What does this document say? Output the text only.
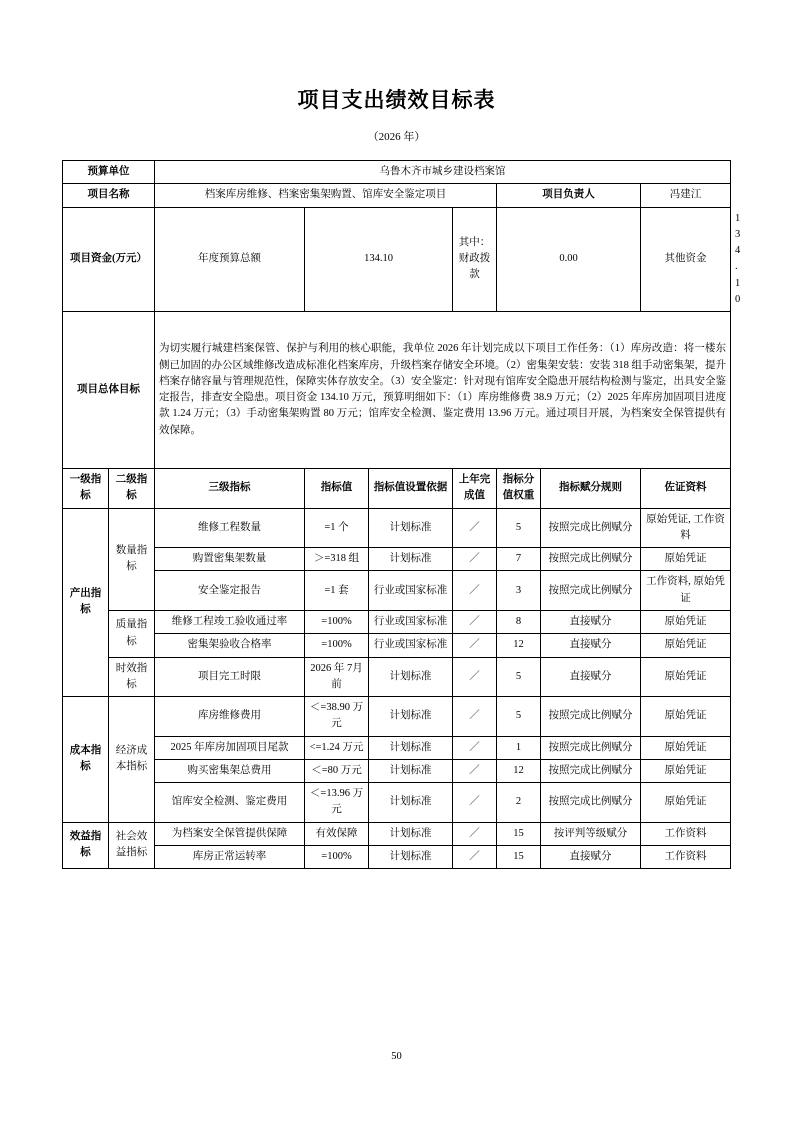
项目支出绩效目标表
（2026 年）
预算单位		乌鲁木齐市城乡建设档案馆							
项目名称		档案库房维修、档案密集架购置、馆库安全鉴定项目				项目负责人		冯建江	
项目资金(万元）		年度预算总额	134.10		其中：财政拨款	0.00		其他资金	134.10
项目总体目标		为切实履行城建档案保管、保护与利用的核心职能，我单位 2026 年计划完成以下项目工作任务：（1）库房改造：将一楼东侧已加固的办公区域维修改造成标准化档案库房，升级档案存储安全环境。（2）密集架安装：安装 318 组手动密集架，提升档案存储容量与管理规范性，保障实体存放安全。（3）安全鉴定：针对现有馆库安全隐患开展结构检测与鉴定，出具安全鉴定报告，排查安全隐患。项目资金 134.10 万元，预算明细如下：（1）库房维修费 38.9 万元；（2）2025 年库房加固项目进度款 1.24 万元；（3）手动密集架购置 80 万元；馆库安全检测、鉴定费用 13.96 万元。通过项目开展，为档案安全保管提供有效保障。							

一级指标	二级指标	三级指标	指标值	指标值设置依据	上年完成值	指标分值权重	指标赋分规则	佐证资料	
产出指标	数量指标	维修工程数量	=1 个	计划标准	／	5	按照完成比例赋分	原始凭证, 工作资料	
		购置密集架数量	＞=318 组	计划标准	／	7	按照完成比例赋分	原始凭证	
		安全鉴定报告	=1 套	行业或国家标准	／	3	按照完成比例赋分	工作资料, 原始凭证	
	质量指标	维修工程竣工验收通过率	=100%	行业或国家标准	／	8	直接赋分	原始凭证	
		密集架验收合格率	=100%	行业或国家标准	／	12	直接赋分	原始凭证	
	时效指标	项目完工时限	2026 年 7月前	计划标准	／	5	直接赋分	原始凭证	
成本指标	经济成本指标	库房维修费用	＜=38.90 万元	计划标准	／	5	按照完成比例赋分	原始凭证	
		2025 年库房加固项目尾款	<=1.24 万元	计划标准	／	1	按照完成比例赋分	原始凭证	
		购买密集架总费用	＜=80 万元	计划标准	／	12	按照完成比例赋分	原始凭证	
		馆库安全检测、鉴定费用	＜=13.96 万元	计划标准	／	2	按照完成比例赋分	原始凭证	
效益指标	社会效益指标	为档案安全保管提供保障	有效保障	计划标准	／	15	按评判等级赋分	工作资料	
		库房正常运转率	=100%	计划标准	／	15	直接赋分	工作资料	
50
